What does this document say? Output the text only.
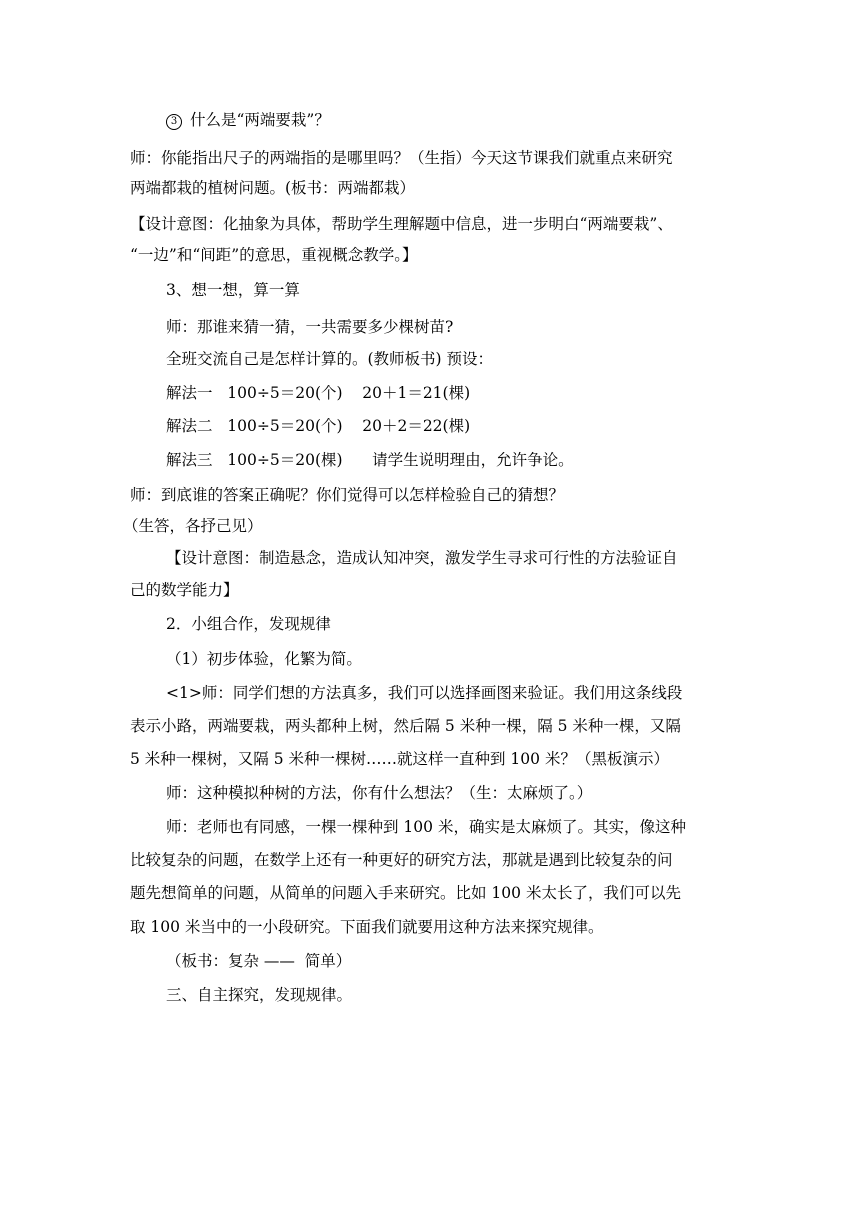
3 什么是“两端要栽”？
师：你能指出尺子的两端指的是哪里吗？（生指）今天这节课我们就重点来研究
两端都栽的植树问题。(板书：两端都栽）
【设计意图：化抽象为具体，帮助学生理解题中信息，进一步明白“两端要栽”、
“一边”和“间距”的意思，重视概念教学。】
3、想一想，算一算
师：那谁来猜一猜，一共需要多少棵树苗?
全班交流自己是怎样计算的。(教师板书) 预设：
解法一   100÷5＝20(个)    20＋1＝21(棵)
解法二   100÷5＝20(个)    20＋2＝22(棵)
解法三   100÷5＝20(棵)      请学生说明理由，允许争论。
师：到底谁的答案正确呢？你们觉得可以怎样检验自己的猜想？
（生答，各抒己见）
【设计意图：制造悬念，造成认知冲突，激发学生寻求可行性的方法验证自
己的数学能力】
2．小组合作，发现规律
（1）初步体验，化繁为简。
<1>师：同学们想的方法真多，我们可以选择画图来验证。我们用这条线段
表示小路，两端要栽，两头都种上树，然后隔 5 米种一棵，隔 5 米种一棵，又隔
5 米种一棵树，又隔 5 米种一棵树……就这样一直种到 100 米？（黑板演示）
师：这种模拟种树的方法，你有什么想法？（生：太麻烦了。）
师：老师也有同感，一棵一棵种到 100 米，确实是太麻烦了。其实，像这种
比较复杂的问题，在数学上还有一种更好的研究方法，那就是遇到比较复杂的问
题先想简单的问题，从简单的问题入手来研究。比如 100 米太长了，我们可以先
取 100 米当中的一小段研究。下面我们就要用这种方法来探究规律。
（板书：复杂 ——  简单）
三、自主探究，发现规律。
